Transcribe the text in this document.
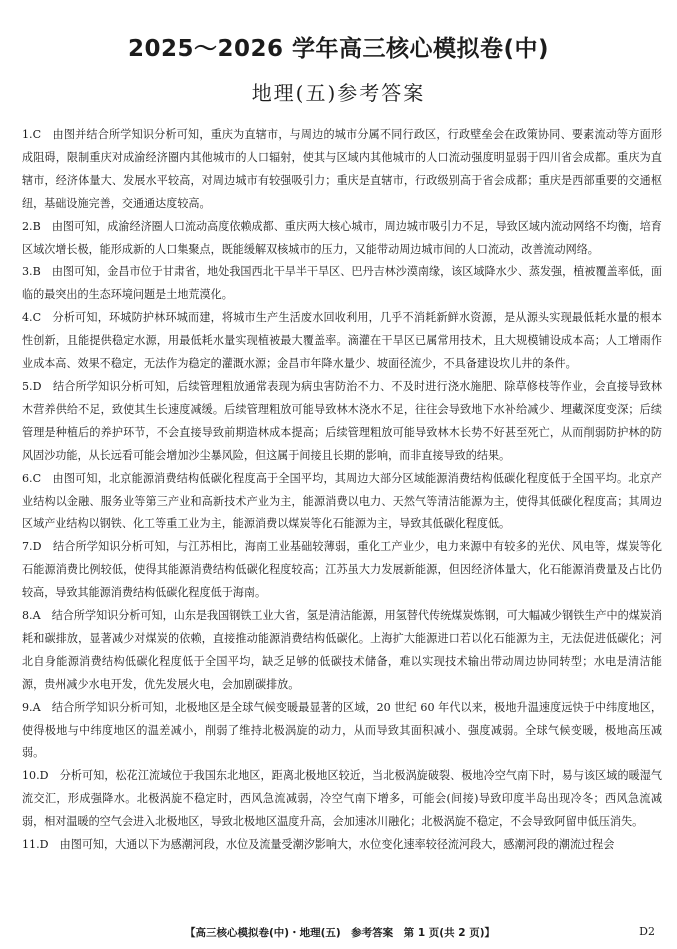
2025～2026 学年高三核心模拟卷(中)
地理(五)参考答案

1.C　由图并结合所学知识分析可知，重庆为直辖市，与周边的城市分属不同行政区，行政壁垒会在政策协同、要素流动等方面形成阻碍，限制重庆对成渝经济圈内其他城市的人口辐射，使其与区域内其他城市的人口流动强度明显弱于四川省会成都。重庆为直辖市，经济体量大、发展水平较高，对周边城市有较强吸引力；重庆是直辖市，行政级别高于省会成都；重庆是西部重要的交通枢纽，基础设施完善，交通通达度较高。

2.B　由图可知，成渝经济圈人口流动高度依赖成都、重庆两大核心城市，周边城市吸引力不足，导致区域内流动网络不均衡，培育区域次增长极，能形成新的人口集聚点，既能缓解双核城市的压力，又能带动周边城市间的人口流动，改善流动网络。

3.B　由图可知，金昌市位于甘肃省，地处我国西北干旱半干旱区、巴丹吉林沙漠南缘，该区域降水少、蒸发强，植被覆盖率低，面临的最突出的生态环境问题是土地荒漠化。

4.C　分析可知，环城防护林环城而建，将城市生产生活废水回收利用，几乎不消耗新鲜水资源，是从源头实现最低耗水量的根本性创新，且能提供稳定水源，用最低耗水量实现植被最大覆盖率。滴灌在干旱区已属常用技术，且大规模铺设成本高；人工增雨作业成本高、效果不稳定，无法作为稳定的灌溉水源；金昌市年降水量少、坡面径流少，不具备建设坎儿井的条件。

5.D　结合所学知识分析可知，后续管理粗放通常表现为病虫害防治不力、不及时进行浇水施肥、除草修枝等作业，会直接导致林木营养供给不足，致使其生长速度减缓。后续管理粗放可能导致林木浇水不足，往往会导致地下水补给减少、埋藏深度变深；后续管理是种植后的养护环节，不会直接导致前期造林成本提高；后续管理粗放可能导致林木长势不好甚至死亡，从而削弱防护林的防风固沙功能，从长远看可能会增加沙尘暴风险，但这属于间接且长期的影响，而非直接导致的结果。

6.C　由图可知，北京能源消费结构低碳化程度高于全国平均，其周边大部分区域能源消费结构低碳化程度低于全国平均。北京产业结构以金融、服务业等第三产业和高新技术产业为主，能源消费以电力、天然气等清洁能源为主，使得其低碳化程度高；其周边区域产业结构以钢铁、化工等重工业为主，能源消费以煤炭等化石能源为主，导致其低碳化程度低。

7.D　结合所学知识分析可知，与江苏相比，海南工业基础较薄弱，重化工产业少，电力来源中有较多的光伏、风电等，煤炭等化石能源消费比例较低，使得其能源消费结构低碳化程度较高；江苏虽大力发展新能源，但因经济体量大，化石能源消费量及占比仍较高，导致其能源消费结构低碳化程度低于海南。

8.A　结合所学知识分析可知，山东是我国钢铁工业大省，氢是清洁能源，用氢替代传统煤炭炼钢，可大幅减少钢铁生产中的煤炭消耗和碳排放，显著减少对煤炭的依赖，直接推动能源消费结构低碳化。上海扩大能源进口若以化石能源为主，无法促进低碳化；河北自身能源消费结构低碳化程度低于全国平均，缺乏足够的低碳技术储备，难以实现技术输出带动周边协同转型；水电是清洁能源，贵州减少水电开发，优先发展火电，会加剧碳排放。

9.A　结合所学知识分析可知，北极地区是全球气候变暖最显著的区域，20 世纪 60 年代以来，极地升温速度远快于中纬度地区，使得极地与中纬度地区的温差减小，削弱了维持北极涡旋的动力，从而导致其面积减小、强度减弱。全球气候变暖，极地高压减弱。

10.D　分析可知，松花江流域位于我国东北地区，距离北极地区较近，当北极涡旋破裂、极地冷空气南下时，易与该区域的暖湿气流交汇，形成强降水。北极涡旋不稳定时，西风急流减弱，冷空气南下增多，可能会(间接)导致印度半岛出现冷冬；西风急流减弱，相对温暖的空气会进入北极地区，导致北极地区温度升高，会加速冰川融化；北极涡旋不稳定，不会导致阿留申低压消失。

11.D　由图可知，大通以下为感潮河段，水位及流量受潮汐影响大，水位变化速率较径流河段大，感潮河段的潮流过程会

【高三核心模拟卷(中)・地理(五)　参考答案　第 1 页(共 2 页)】	D2
